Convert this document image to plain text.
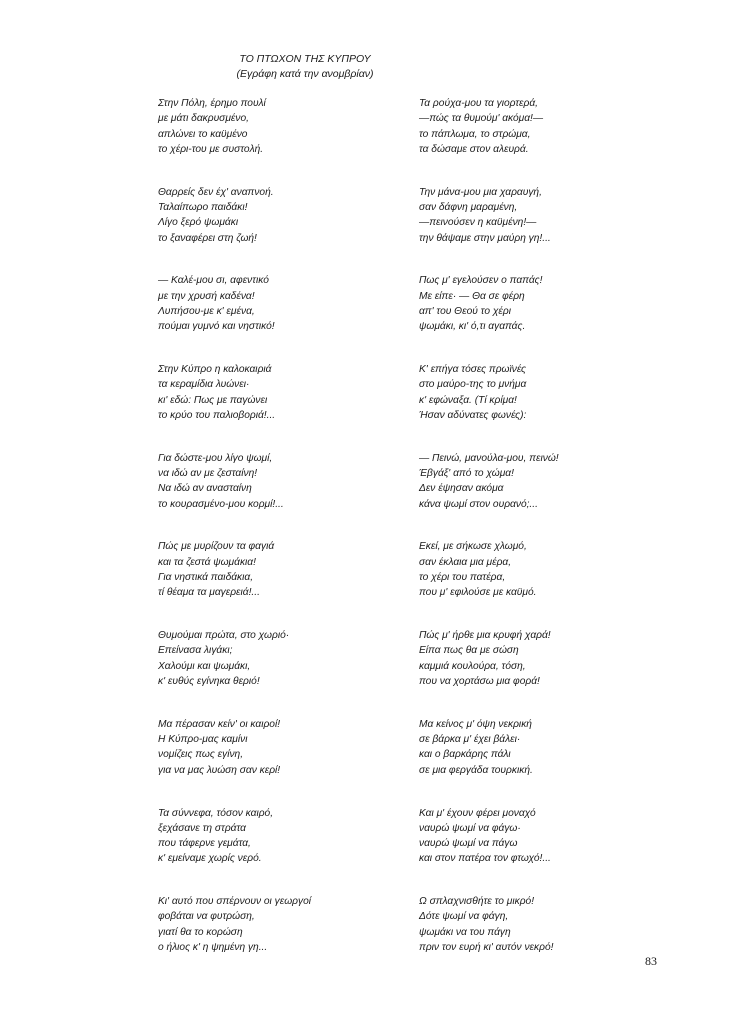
ΤΟ ΠΤΩΧΟΝ ΤΗΣ ΚΥΠΡΟΥ
(Εγράφη κατά την ανομβρίαν)
Στην Πόλη, έρημο πουλί
με μάτι δακρυσμένο,
απλώνει το καϋμένο
το χέρι-του με συστολή.
Θαρρείς δεν έχ' αναπνοή.
Ταλαίπωρο παιδάκι!
Λίγο ξερό ψωμάκι
το ξαναφέρει στη ζωή!
— Καλέ-μου σι, αφεντικό
με την χρυσή καδένα!
Λυπήσου-με κ' εμένα,
πούμαι γυμνό και νηστικό!
Στην Κύπρο η καλοκαιριά
τα κεραμίδια λυώνει·
κι' εδώ: Πως με παγώνει
το κρύο του παλιοβοριά!...
Για δώστε-μου λίγο ψωμί,
να ιδώ αν με ζεσταίνη!
Να ιδώ αν ανασταίνη
το κουρασμένο-μου κορμί!...
Πώς με μυρίζουν τα φαγιά
και τα ζεστά ψωμάκια!
Για νηστικά παιδάκια,
τί θέαμα τα μαγερειά!...
Θυμούμαι πρώτα, στο χωριό·
Επείνασα λιγάκι;
Χαλούμι και ψωμάκι,
κ' ευθύς εγίνηκα θεριό!
Μα πέρασαν κείν' οι καιροί!
Η Κύπρο-μας καμίνι
νομίζεις πως εγίνη,
για να μας λυώση σαν κερί!
Τα σύννεφα, τόσον καιρό,
ξεχάσανε τη στράτα
που τάφερνε γεμάτα,
κ' εμείναμε χωρίς νερό.
Κι' αυτό που σπέρνουν οι γεωργοί
φοβάται να φυτρώση,
γιατί θα το κορώση
ο ήλιος κ' η ψημένη γη...
Τα ρούχα-μου τα γιορτερά,
—πώς τα θυμούμ' ακόμα!—
το πάπλωμα, το στρώμα,
τα δώσαμε στον αλευρά.
Την μάνα-μου μια χαραυγή,
σαν δάφνη μαραμένη,
—πεινούσεν η καϋμένη!—
την θάψαμε στην μαύρη γη!...
Πως μ' εγελούσεν ο παπάς!
Με είπε· — Θα σε φέρη
απ' του Θεού το χέρι
ψωμάκι, κι' ό,τι αγαπάς.
Κ' επήγα τόσες πρωϊνές
στο μαύρο-της το μνήμα
κ' εφώναξα. (Τί κρίμα!
Ήσαν αδύνατες φωνές):
— Πεινώ, μανούλα-μου, πεινώ!
Έβγάξ' από το χώμα!
Δεν έψησαν ακόμα
κάνα ψωμί στον ουρανό;...
Εκεί, με σήκωσε χλωμό,
σαν έκλαια μια μέρα,
το χέρι του πατέρα,
που μ' εφιλούσε με καϋμό.
Πώς μ' ήρθε μια κρυφή χαρά!
Είπα πως θα με σώση
καμμιά κουλούρα, τόση,
που να χορτάσω μια φορά!
Μα κείνος μ' όψη νεκρική
σε βάρκα μ' έχει βάλει·
και ο βαρκάρης πάλι
σε μια φεργάδα τουρκική.
Και μ' έχουν φέρει μοναχό
ναυρώ ψωμί να φάγω·
ναυρώ ψωμί να πάγω
και στον πατέρα τον φτωχό!...
Ω σπλαχνισθήτε το μικρό!
Δότε ψωμί να φάγη,
ψωμάκι να του πάγη
πριν τον ευρή κι' αυτόν νεκρό!
83
